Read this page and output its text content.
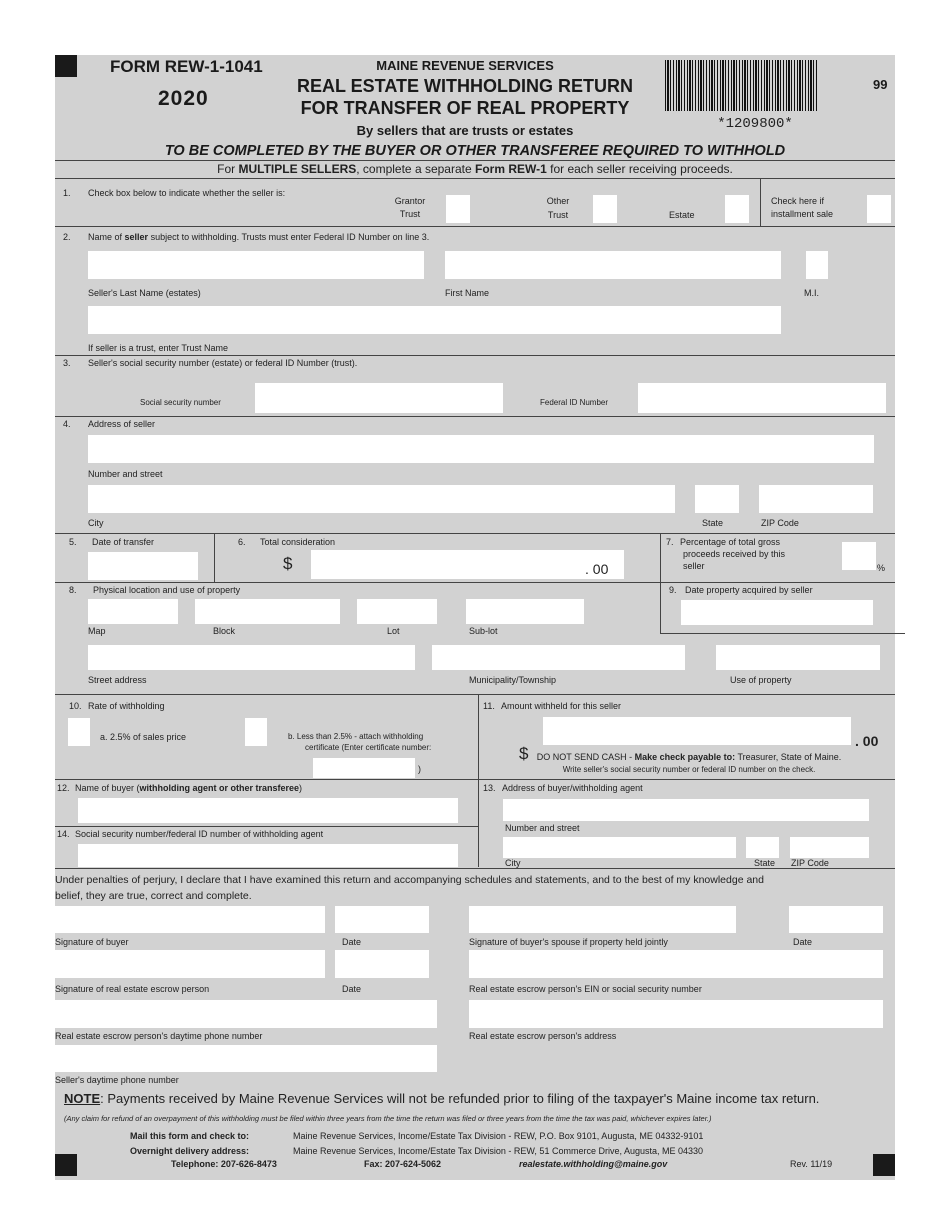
FORM REW-1-1041
2020
MAINE REVENUE SERVICES
REAL ESTATE WITHHOLDING RETURN
FOR TRANSFER OF REAL PROPERTY
By sellers that are trusts or estates	*1209800*
99
TO BE COMPLETED BY THE BUYER OR OTHER TRANSFEREE REQUIRED TO WITHHOLD
For MULTIPLE SELLERS, complete a separate Form REW-1 for each seller receiving proceeds.
1. Check box below to indicate whether the seller is:
Grantor
Trust
Other
Trust	Estate
Check here if
installment sale
2. Name of seller subject to withholding. Trusts must enter Federal ID Number on line 3.
Seller's Last Name (estates)	First Name	M.I.
If seller is a trust, enter Trust Name
3. Seller's social security number (estate) or federal ID Number (trust).
Social security number	Federal ID Number
4. Address of seller
Number and street
City	State	ZIP Code
5. Date of transfer	6. Total consideration
$	. 00
7. Percentage of total gross
proceeds received by this
seller	%
8. Physical location and use of property
Map	Block	Lot	Sub-lot
9. Date property acquired by seller
Street address	Municipality/Township	Use of property
10. Rate of withholding
a. 2.5% of sales price	b. Less than 2.5% - attach withholding
certificate (Enter certificate number:
)
11. Amount withheld for this seller
$
. 00
DO NOT SEND CASH - Make check payable to: Treasurer, State of Maine.
Write seller's social security number or federal ID number on the check.
12. Name of buyer (withholding agent or other transferee)	13. Address of buyer/withholding agent
Number and street
14. Social security number/federal ID number of withholding agent
City	State ZIP Code
Under penalties of perjury, I declare that I have examined this return and accompanying schedules and statements, and to the best of my knowledge and
belief, they are true, correct and complete.
Signature of buyer	Date	Signature of buyer's spouse if property held jointly	Date
Signature of real estate escrow person	Date	Real estate escrow person's EIN or social security number
Real estate escrow person's daytime phone number	Real estate escrow person's address
Seller's daytime phone number
NOTE: Payments received by Maine Revenue Services will not be refunded prior to filing of the taxpayer's Maine income tax return.
(Any claim for refund of an overpayment of this withholding must be filed within three years from the time the return was filed or three years from the time the tax was paid, whichever expires later.)
Mail this form and check to:	Maine Revenue Services, Income/Estate Tax Division - REW, P.O. Box 9101, Augusta, ME 04332-9101
Overnight delivery address:	Maine Revenue Services, Income/Estate Tax Division - REW, 51 Commerce Drive, Augusta, ME 04330
Telephone: 207-626-8473	Fax: 207-624-5062	realestate.withholding@maine.gov	Rev. 11/19
